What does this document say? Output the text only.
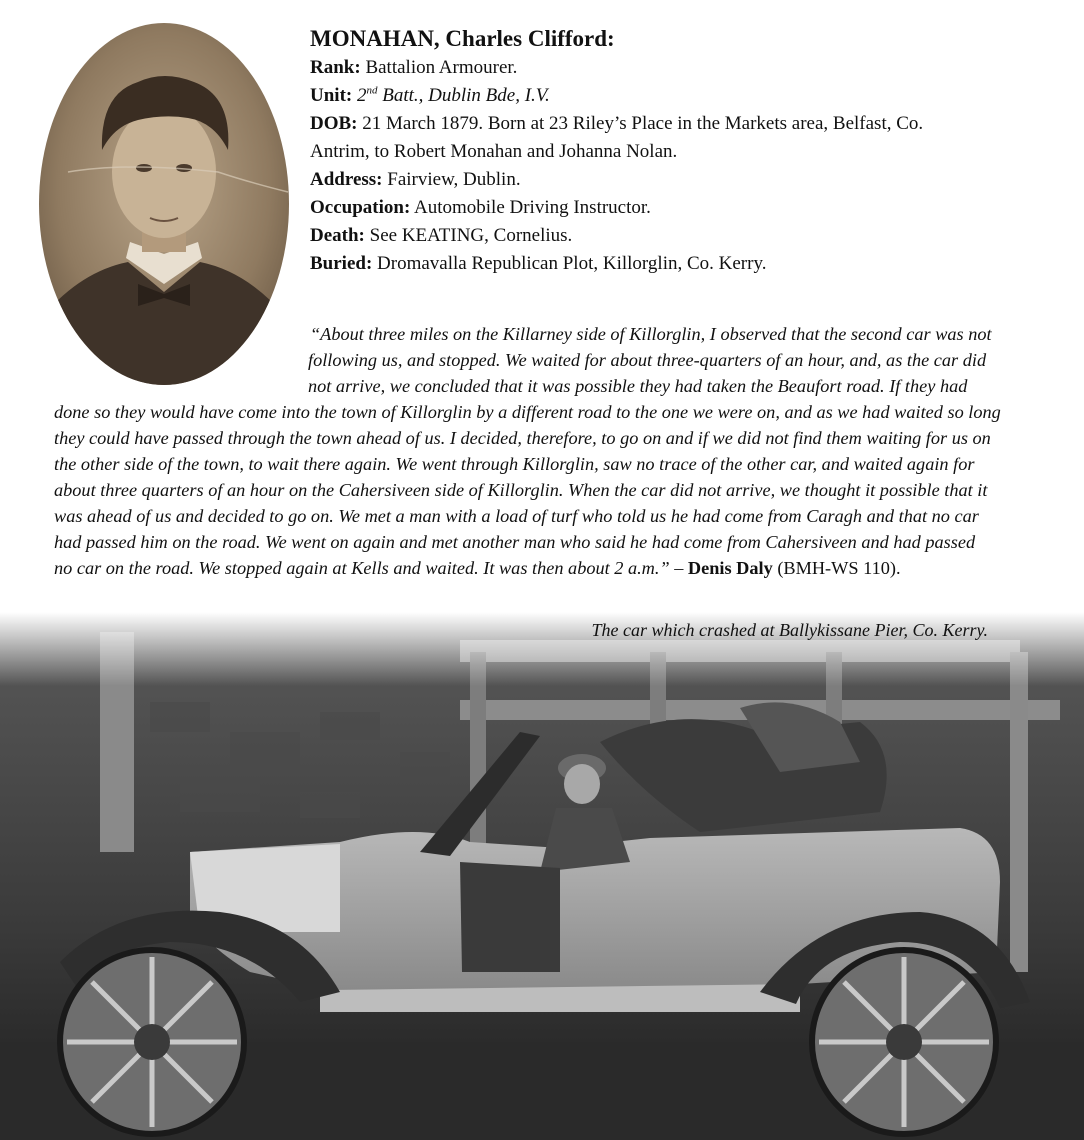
MONAHAN, Charles Clifford:
Rank: Battalion Armourer.
Unit: 2nd Batt., Dublin Bde, I.V.
DOB: 21 March 1879. Born at 23 Riley’s Place in the Markets area, Belfast, Co.
Antrim, to Robert Monahan and Johanna Nolan.
Address: Fairview, Dublin.
Occupation: Automobile Driving Instructor.
Death: See KEATING, Cornelius.
Buried: Dromavalla Republican Plot, Killorglin, Co. Kerry.
“About three miles on the Killarney side of Killorglin, I observed that the second car was not
following us, and stopped. We waited for about three-quarters of an hour, and, as the car did
not arrive, we concluded that it was possible they had taken the Beaufort road. If they had
done so they would have come into the town of Killorglin by a different road to the one we were on, and as we had waited so long
they could have passed through the town ahead of us. I decided, therefore, to go on and if we did not find them waiting for us on
the other side of the town, to wait there again. We went through Killorglin, saw no trace of the other car, and waited again for
about three quarters of an hour on the Cahersiveen side of Killorglin. When the car did not arrive, we thought it possible that it
was ahead of us and decided to go on. We met a man with a load of turf who told us he had come from Caragh and that no car
had passed him on the road. We went on again and met another man who said he had come from Cahersiveen and had passed
no car on the road. We stopped again at Kells and waited. It was then about 2 a.m.” – Denis Daly (BMH-WS 110).
The car which crashed at Ballykissane Pier, Co. Kerry.
